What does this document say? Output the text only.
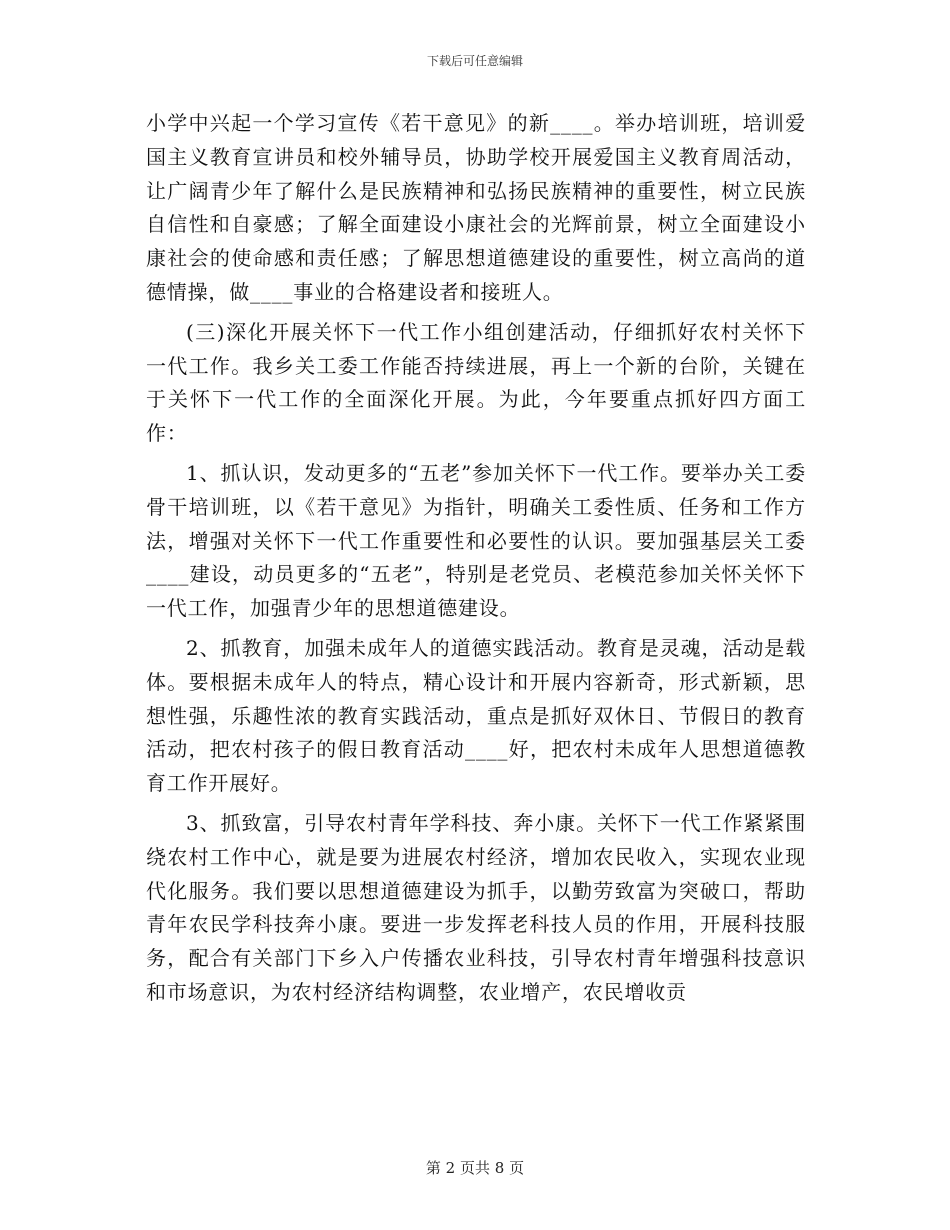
下载后可任意编辑

小学中兴起一个学习宣传《若干意见》的新____。举办培训班，培训爱国主义教育宣讲员和校外辅导员，协助学校开展爱国主义教育周活动，让广阔青少年了解什么是民族精神和弘扬民族精神的重要性，树立民族自信性和自豪感；了解全面建设小康社会的光辉前景，树立全面建设小康社会的使命感和责任感；了解思想道德建设的重要性，树立高尚的道德情操，做____事业的合格建设者和接班人。

(三)深化开展关怀下一代工作小组创建活动，仔细抓好农村关怀下一代工作。我乡关工委工作能否持续进展，再上一个新的台阶，关键在于关怀下一代工作的全面深化开展。为此，今年要重点抓好四方面工作：

1、抓认识，发动更多的“五老”参加关怀下一代工作。要举办关工委骨干培训班，以《若干意见》为指针，明确关工委性质、任务和工作方法，增强对关怀下一代工作重要性和必要性的认识。要加强基层关工委____建设，动员更多的“五老”，特别是老党员、老模范参加关怀关怀下一代工作，加强青少年的思想道德建设。

2、抓教育，加强未成年人的道德实践活动。教育是灵魂，活动是载体。要根据未成年人的特点，精心设计和开展内容新奇，形式新颖，思想性强，乐趣性浓的教育实践活动，重点是抓好双休日、节假日的教育活动，把农村孩子的假日教育活动____好，把农村未成年人思想道德教育工作开展好。

3、抓致富，引导农村青年学科技、奔小康。关怀下一代工作紧紧围绕农村工作中心，就是要为进展农村经济，增加农民收入，实现农业现代化服务。我们要以思想道德建设为抓手，以勤劳致富为突破口，帮助青年农民学科技奔小康。要进一步发挥老科技人员的作用，开展科技服务，配合有关部门下乡入户传播农业科技，引导农村青年增强科技意识和市场意识，为农村经济结构调整，农业增产，农民增收贡

第 2 页共 8 页
